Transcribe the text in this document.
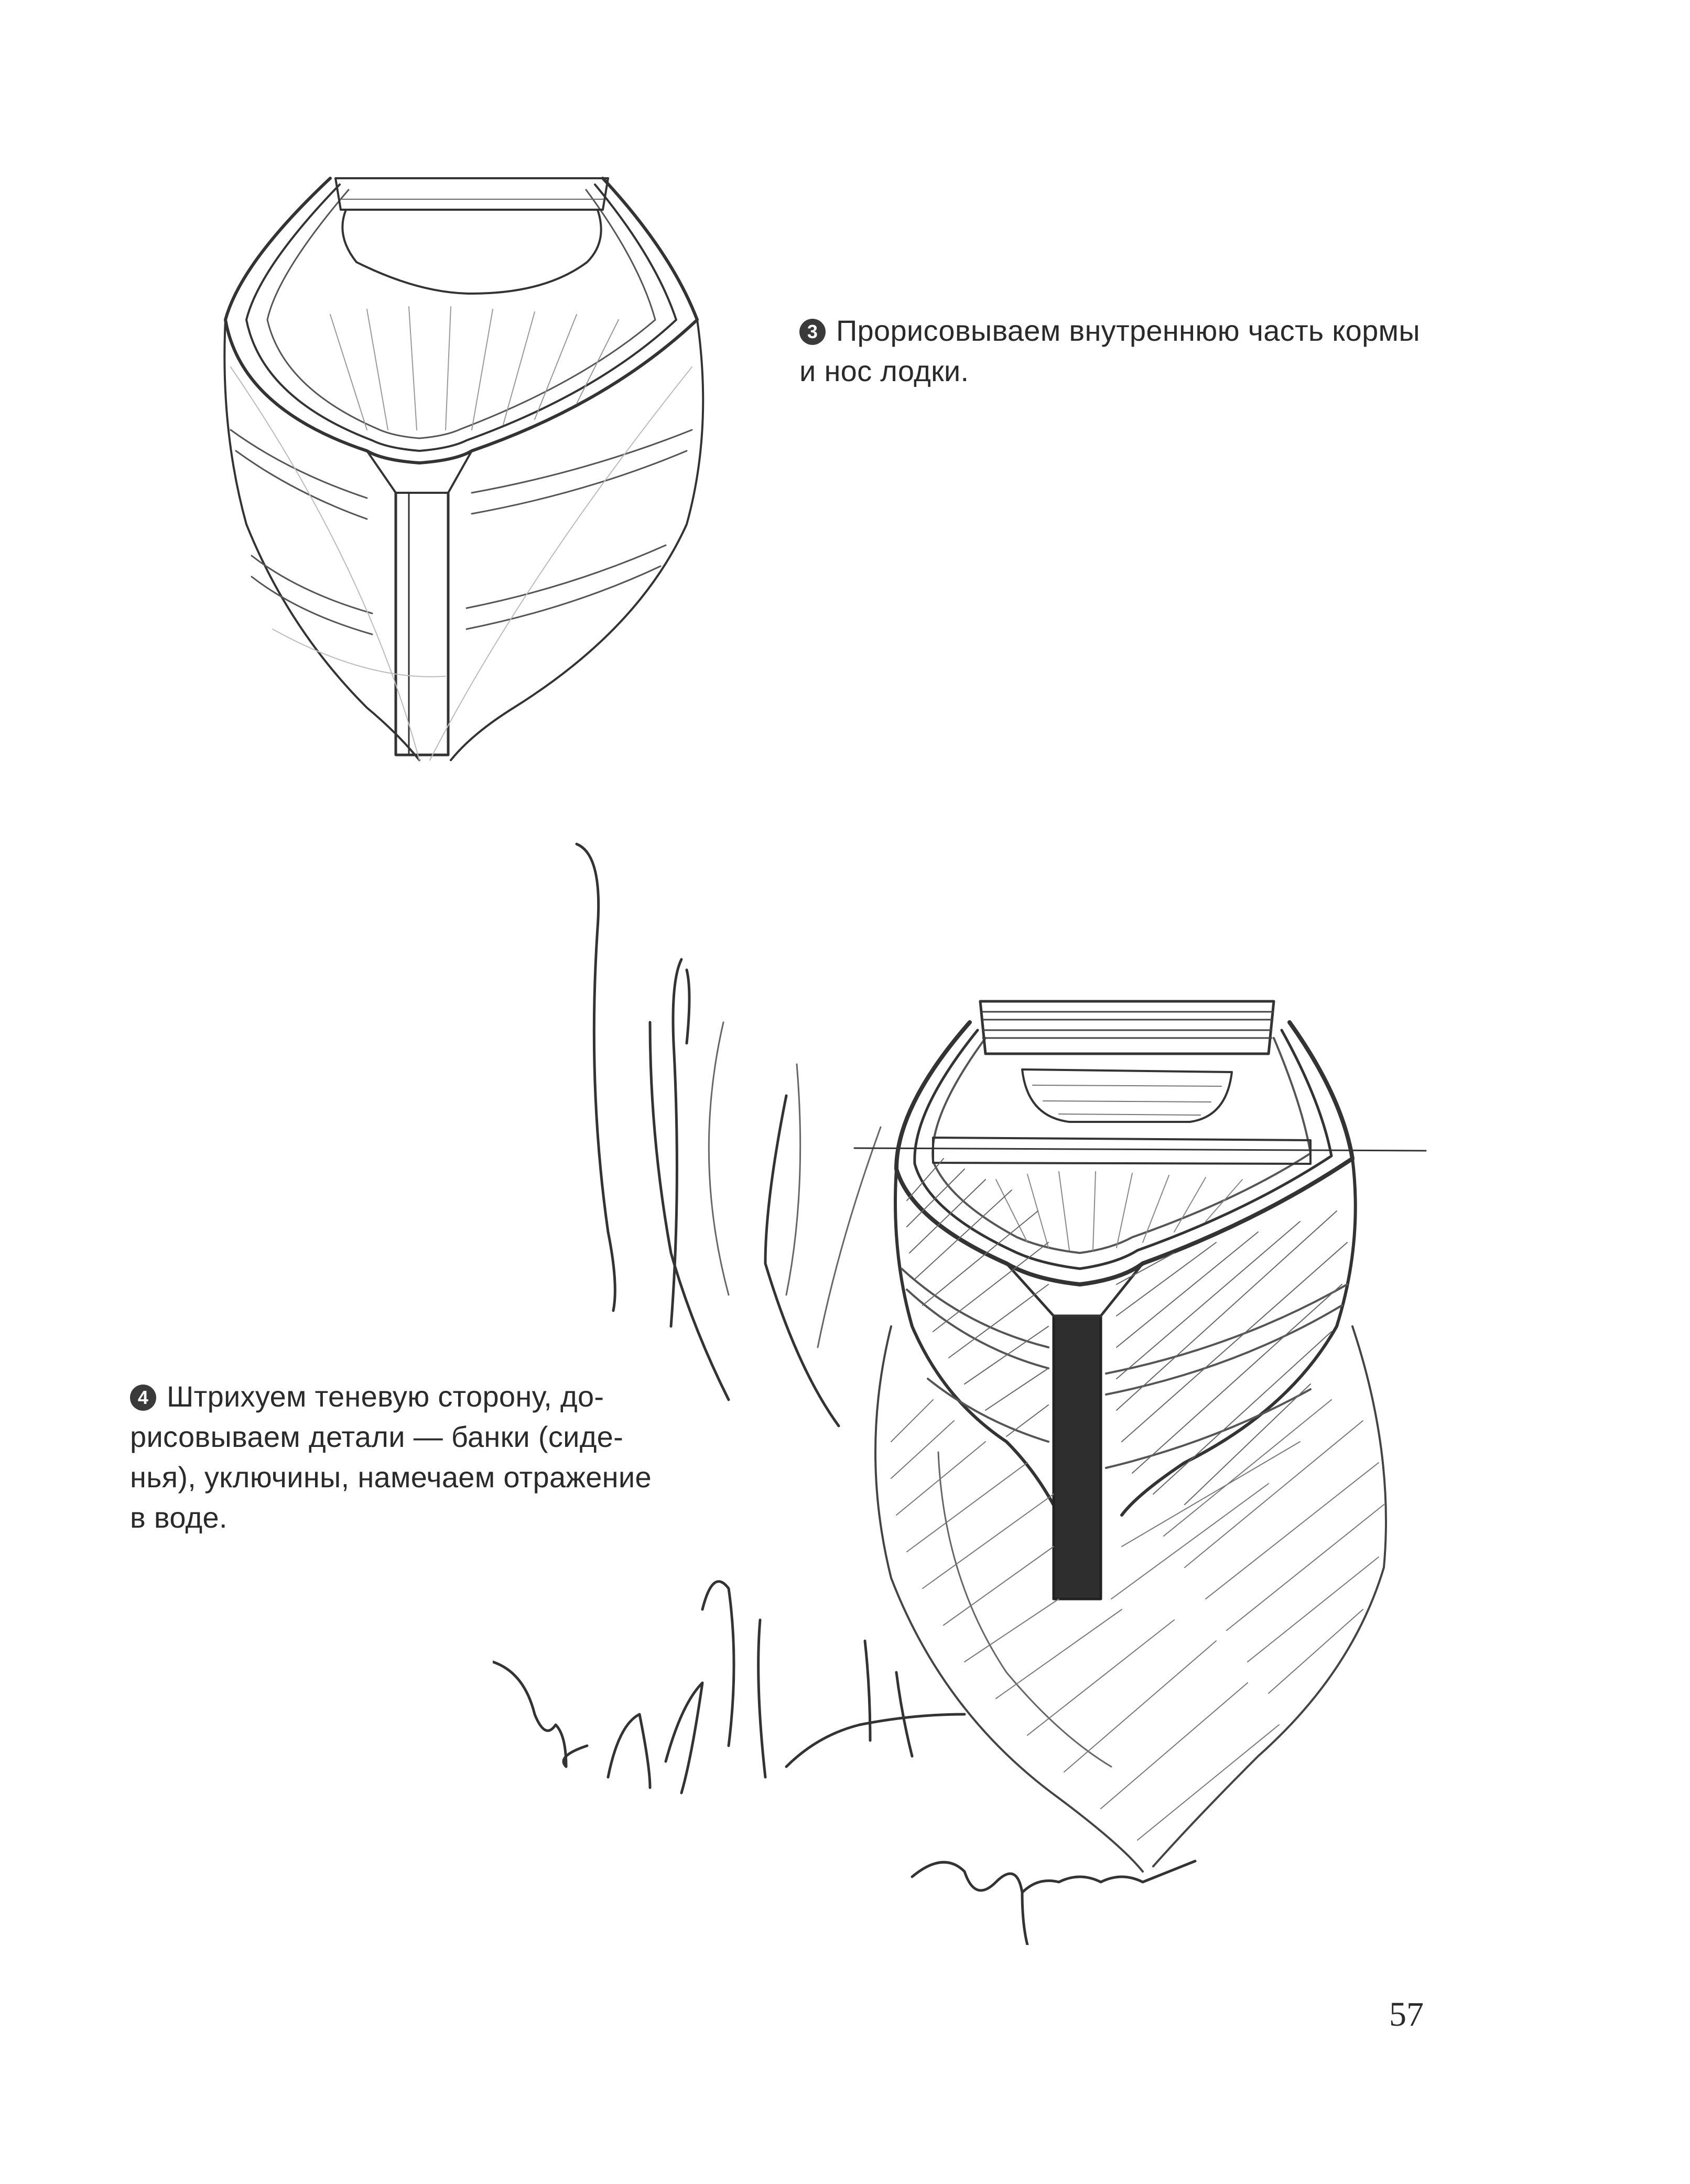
3 Прорисовываем внутреннюю часть кормы
и нос лодки.
4 Штрихуем теневую сторону, до-
рисовываем детали — банки (сиде-
нья), уключины, намечаем отражение
в воде.
57
